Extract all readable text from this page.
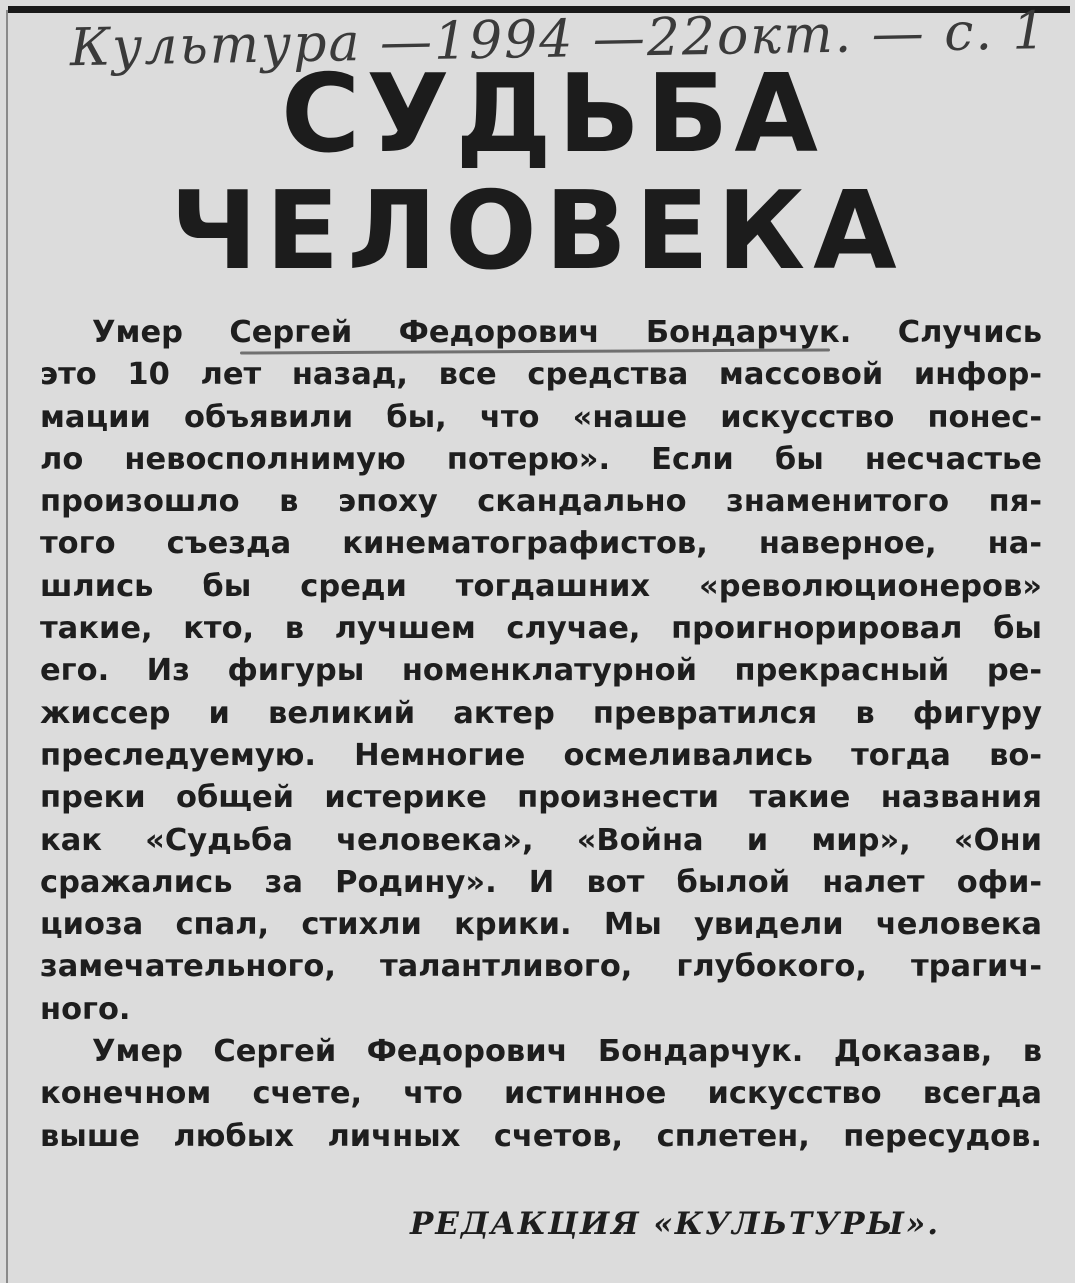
Культура —1994 —22окт. — с. 1
СУДЬБА
ЧЕЛОВЕКА

Умер Сергей Федорович Бондарчук. Случись
это 10 лет назад, все средства массовой инфор-
мации объявили бы, что «наше искусство понес-
ло невосполнимую потерю». Если бы несчастье
произошло в эпоху скандально знаменитого пя-
того съезда кинематографистов, наверное, на-
шлись бы среди тогдашних «революционеров»
такие, кто, в лучшем случае, проигнорировал бы
его. Из фигуры номенклатурной прекрасный ре-
жиссер и великий актер превратился в фигуру
преследуемую. Немногие осмеливались тогда во-
преки общей истерике произнести такие названия
как «Судьба человека», «Война и мир», «Они
сражались за Родину». И вот былой налет офи-
циоза спал, стихли крики. Мы увидели человека
замечательного, талантливого, глубокого, трагич-
ного.

Умер Сергей Федорович Бондарчук. Доказав, в
конечном счете, что истинное искусство всегда
выше любых личных счетов, сплетен, пересудов.

РЕДАКЦИЯ «КУЛЬТУРЫ».
